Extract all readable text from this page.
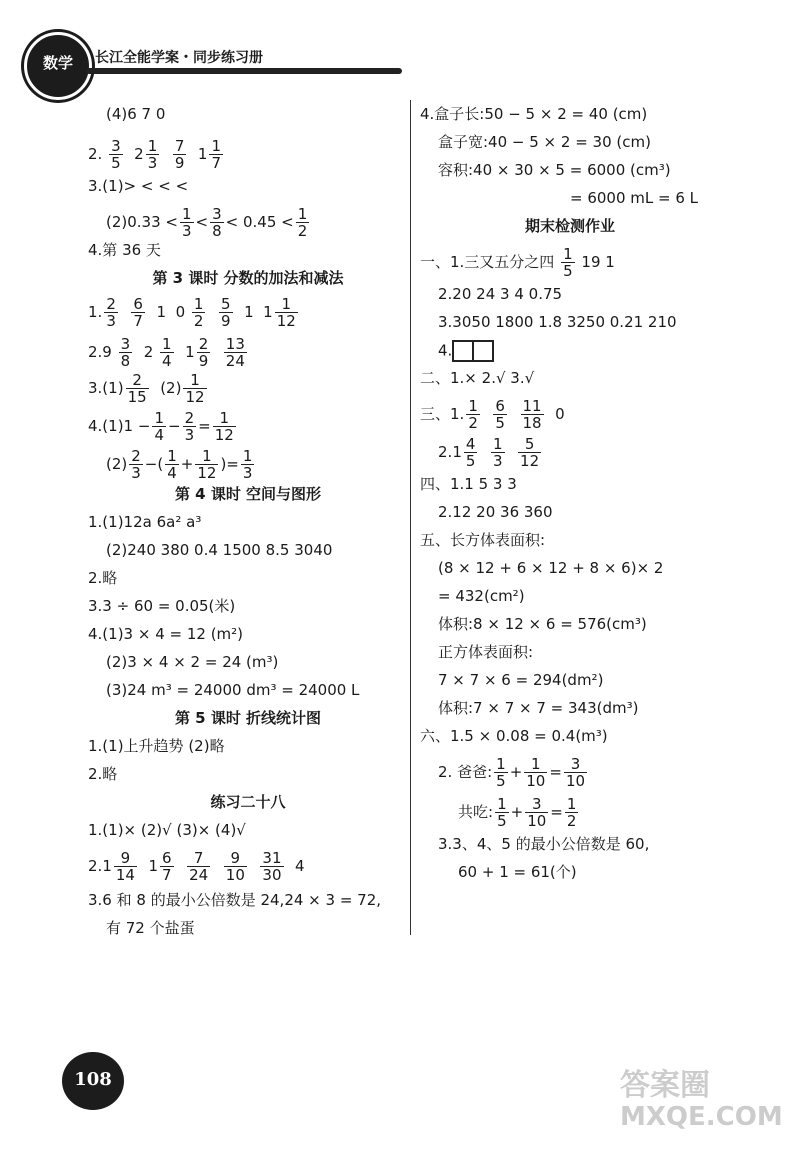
数学	长江全能学案・同步练习册
(4)6 7 0
2. $\frac{3}{5} 2 \frac{1}{3}$
$\frac{7}{9} 1 \frac{1}{7}$
3.(1)> < < <
$(2)0.33 < \frac{1}{3} < \frac{3}{8} < 0.45 < \frac{1}{2}$
4.第 36 天
第 3 课时 分数的加法和减法
1. $\frac{2}{3}$
$\frac{6}{7} 1$  $0 \frac{1}{2}$
$\frac{5}{9} 1$  $1 \frac{1}{12}$
$2.9 \frac{3}{8} 2 \frac{1}{4} 1 \frac{2}{9}$
$\frac{13}{24}$
$3.(1) \frac{2}{15} (2) \frac{1}{12}$
$4.(1)1 - \frac{1}{4} - \frac{2}{3} = \frac{1}{12}$
$(2) \frac{2}{3}$ −( $\frac{1}{4} + \frac{1}{12}$ )= $\frac{1}{3}$
第 4 课时 空间与图形
1.(1)12a 6a² a³
(2)240 380 0.4 1500 8.5 3040
2.略
3.3 ÷ 60 = 0.05(米)
4.(1)3 × 4 = 12 (m²)
(2)3 × 4 × 2 = 24 (m³)
(3)24 m³ = 24000 dm³ = 24000 L
第 5 课时 折线统计图
1.(1)上升趋势 (2)略
2.略
练习二十八
1.(1)× (2)√ (3)× (4)√
$2.1 \frac{9}{14} 1 \frac{6}{7}$
$\frac{7}{24}$
$\frac{9}{10}$
$\frac{31}{30} 4$
3.6 和 8 的最小公倍数是 24,24 × 3 = 72,
有 72 个盐蛋
4.盒子长:50 − 5 × 2 = 40 (cm)
盒子宽:40 − 5 × 2 = 30 (cm)
容积:40 × 30 × 5 = 6000 (cm³)
= 6000 mL = 6 L
期末检测作业
一、1.三又五分之四 $\frac{1}{5} 19$ 1
2.20 24 3 4 0.75
3.3050 1800 1.8 3250 0.21 210
4.
二、1.× 2.√ 3.√
三、1. $\frac{1}{2}$
$\frac{6}{5}$
$\frac{11}{18} 0$
$2.1 \frac{4}{5}$
$\frac{1}{3}$
$\frac{5}{12}$
四、1.1 5 3 3
2.12 20 36 360
五、长方体表面积:
(8 × 12 + 6 × 12 + 8 × 6)× 2
= 432(cm²)
体积:8 × 12 × 6 = 576(cm³)
正方体表面积:
7 × 7 × 6 = 294(dm²)
体积:7 × 7 × 7 = 343(dm³)
六、1.5 × 0.08 = 0.4(m³)
2. 爸爸: $\frac{1}{5} + \frac{1}{10} = \frac{3}{10}$
共吃: $\frac{1}{5} + \frac{3}{10} = \frac{1}{2}$
3.3、4、5 的最小公倍数是 60,
60 + 1 = 61(个)
108	答案圈
MXQE.COM
